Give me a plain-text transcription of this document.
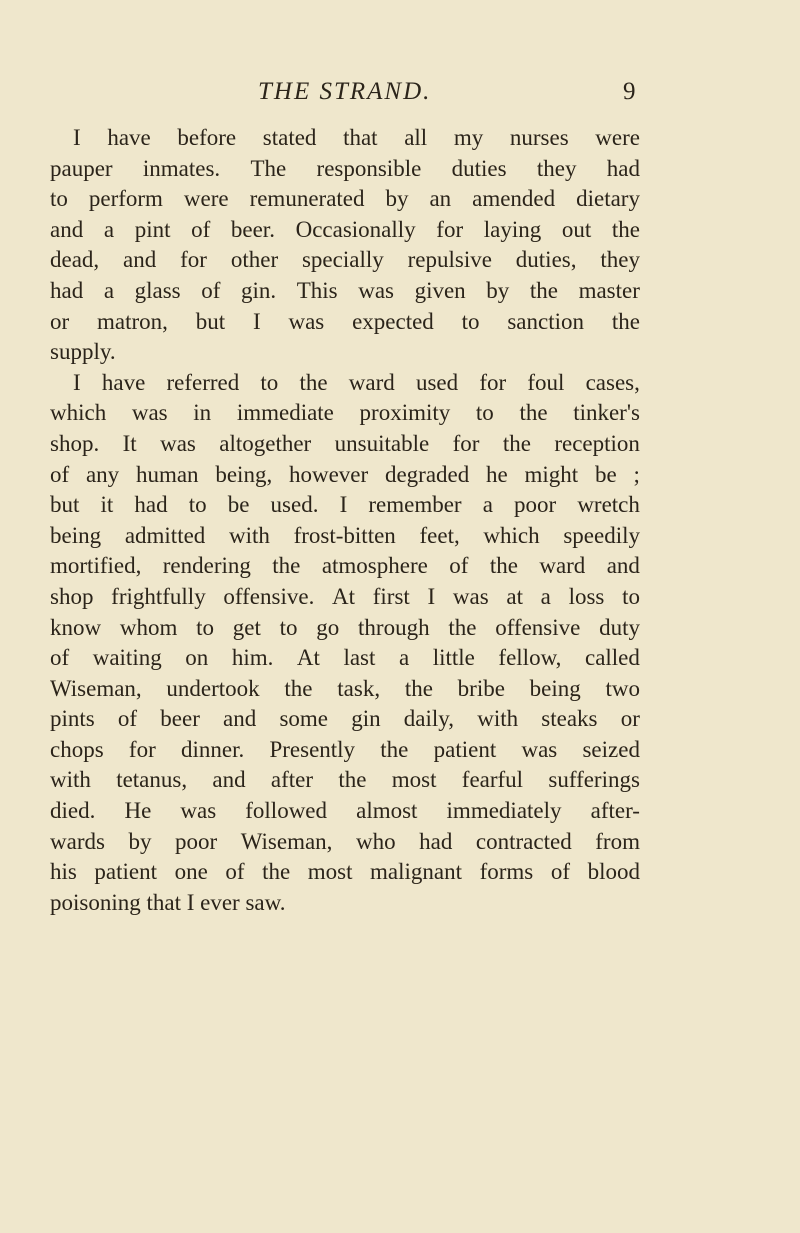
THE STRAND.	9
I have before stated that all my nurses were
pauper inmates. The responsible duties they had
to perform were remunerated by an amended dietary
and a pint of beer. Occasionally for laying out the
dead, and for other specially repulsive duties, they
had a glass of gin. This was given by the master
or matron, but I was expected to sanction the
supply.
I have referred to the ward used for foul cases,
which was in immediate proximity to the tinker's
shop. It was altogether unsuitable for the reception
of any human being, however degraded he might be ;
but it had to be used. I remember a poor wretch
being admitted with frost-bitten feet, which speedily
mortified, rendering the atmosphere of the ward and
shop frightfully offensive. At first I was at a loss to
know whom to get to go through the offensive duty
of waiting on him. At last a little fellow, called
Wiseman, undertook the task, the bribe being two
pints of beer and some gin daily, with steaks or
chops for dinner. Presently the patient was seized
with tetanus, and after the most fearful sufferings
died. He was followed almost immediately after-
wards by poor Wiseman, who had contracted from
his patient one of the most malignant forms of blood
poisoning that I ever saw.
